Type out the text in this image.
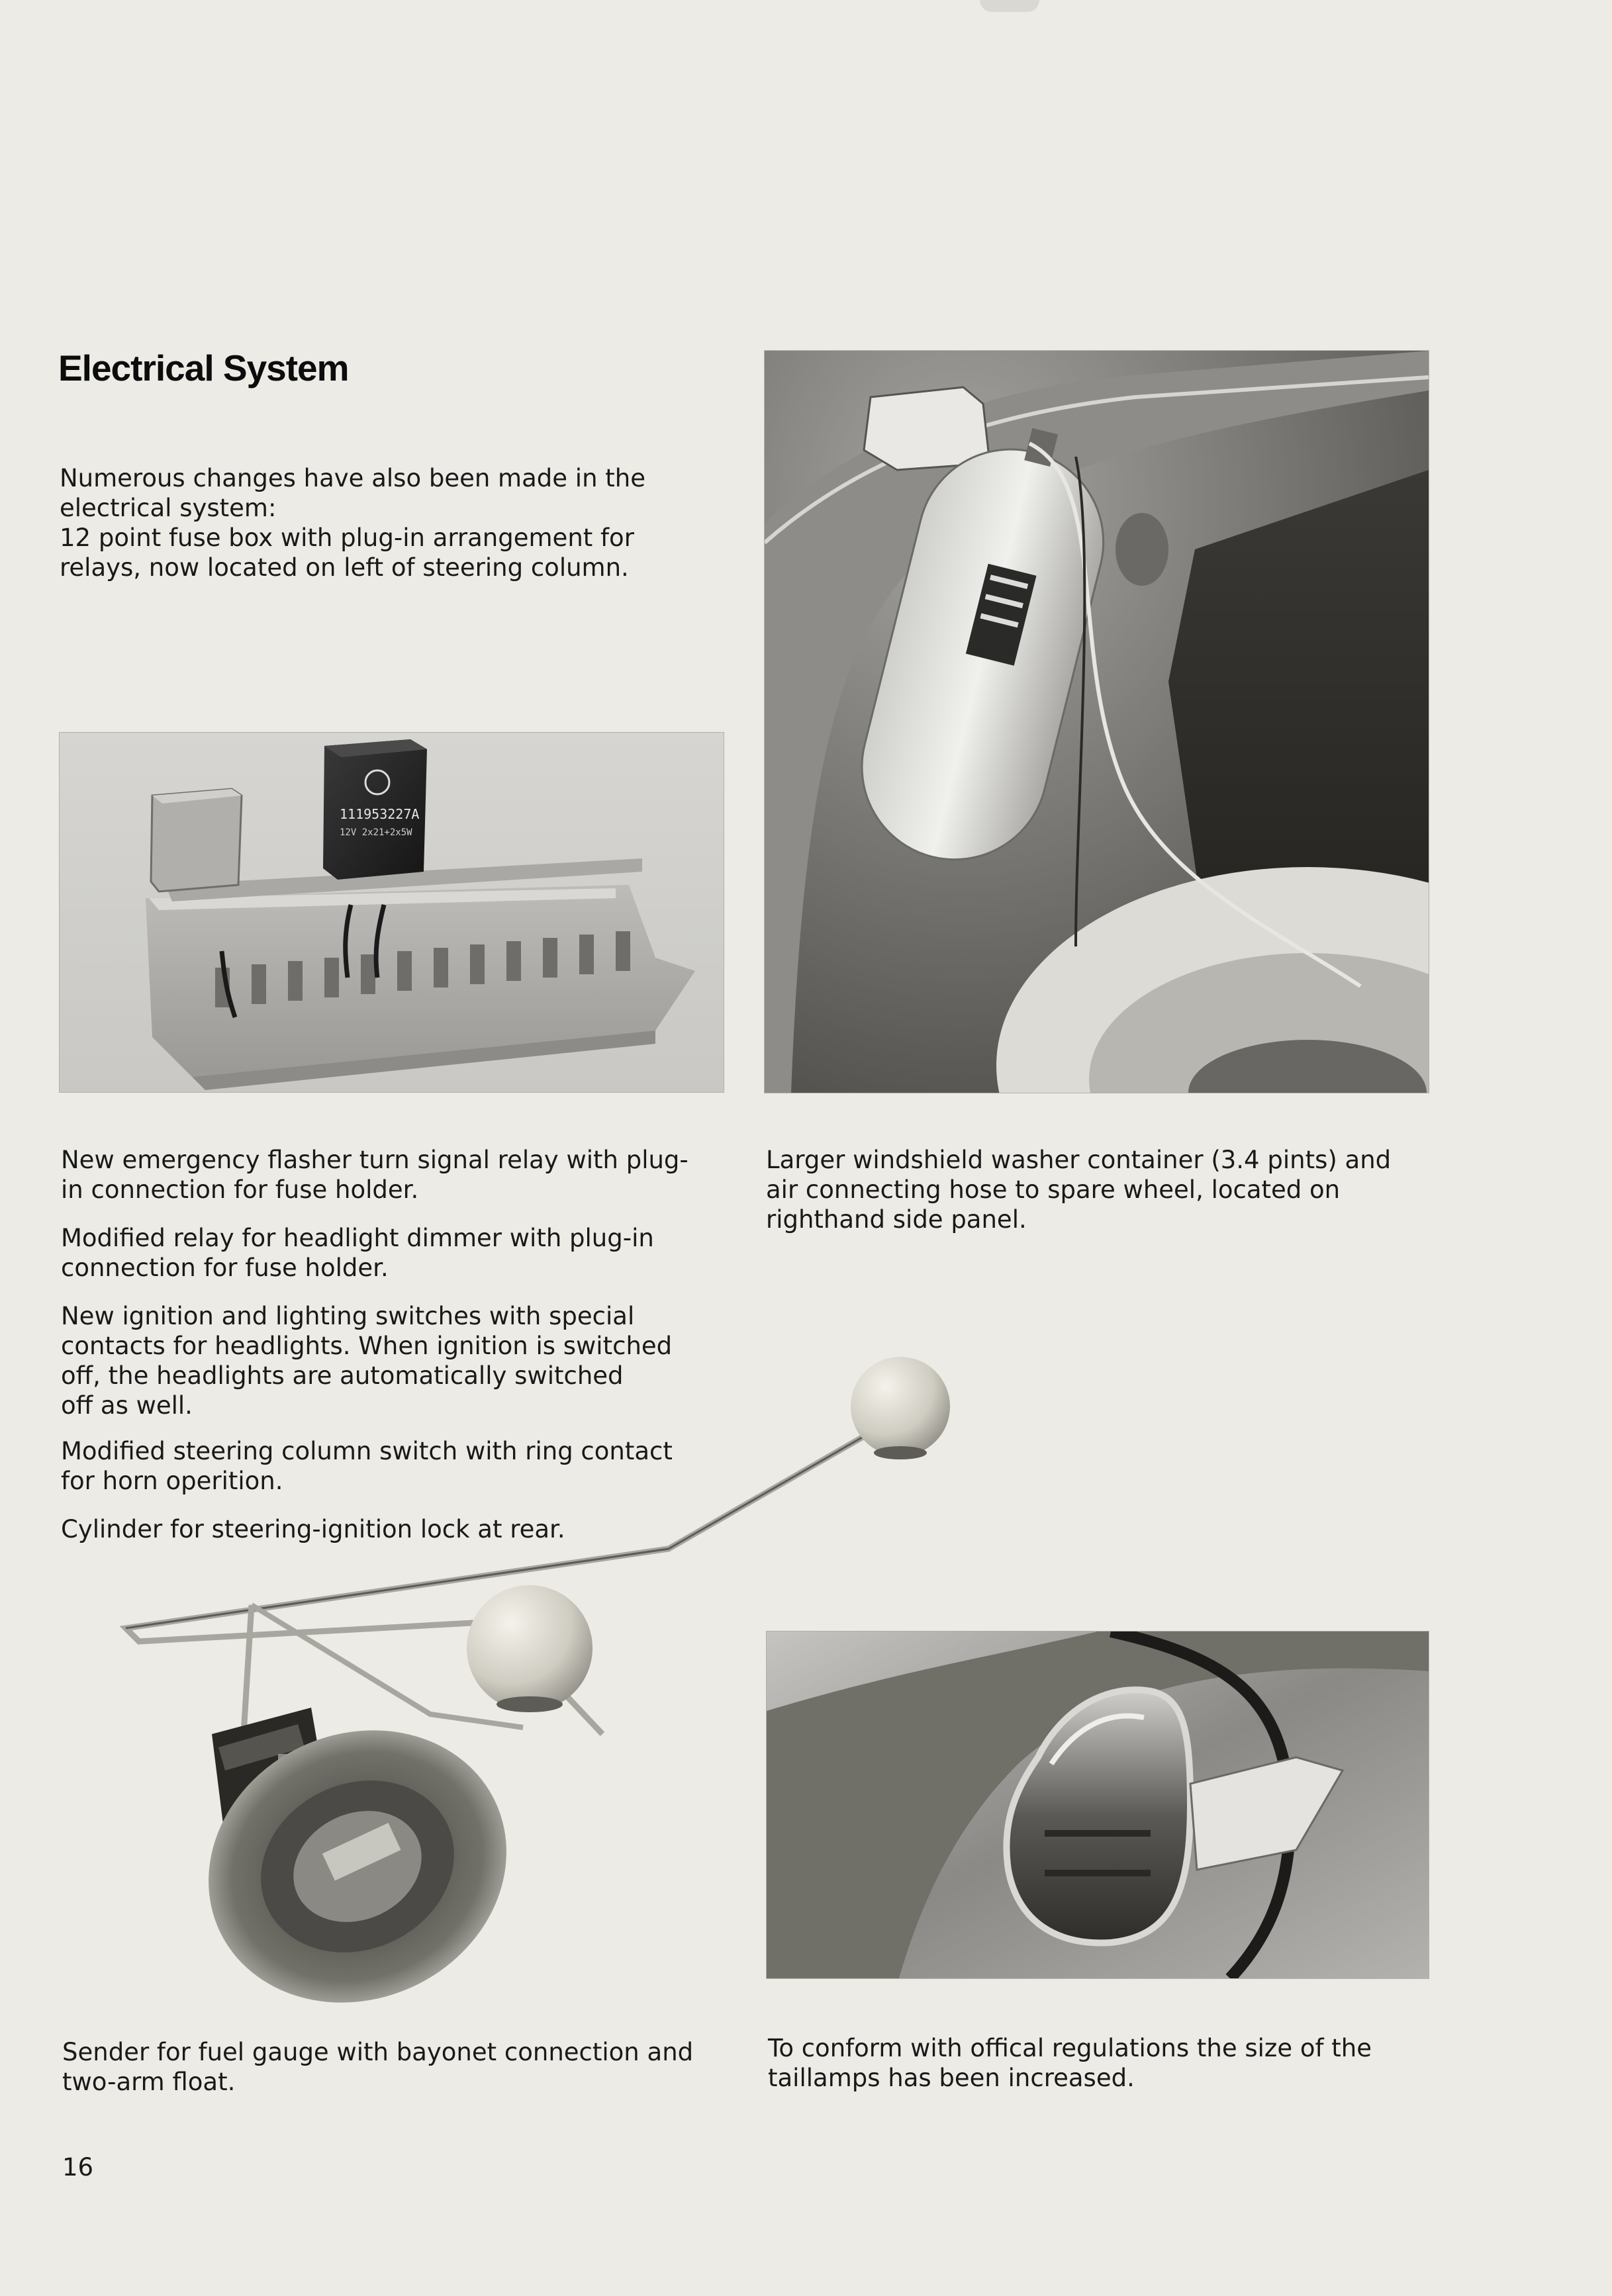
Electrical System
Numerous changes have also been made in the
electrical system:
12 point fuse box with plug-in arrangement for
relays, now located on left of steering column.
111953227A
12V 2x21+2x5W
New emergency flasher turn signal relay with plug-
in connection for fuse holder.
Modified relay for headlight dimmer with plug-in
connection for fuse holder.
New ignition and lighting switches with special
contacts for headlights. When ignition is switched
off, the headlights are automatically switched
off as well.
Modified steering column switch with ring contact
for horn operition.
Cylinder for steering-ignition lock at rear.
Larger windshield washer container (3.4 pints) and
air connecting hose to spare wheel, located on
righthand side panel.
Sender for fuel gauge with bayonet connection and
two-arm float.
To conform with offical regulations the size of the
taillamps has been increased.
16
